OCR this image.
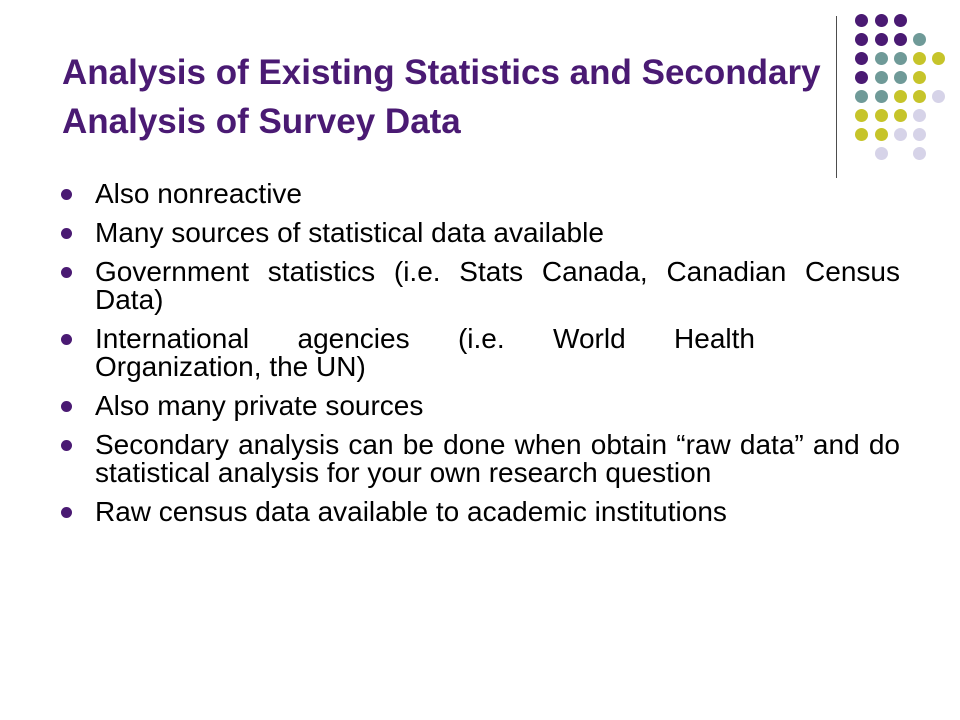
Analysis of Existing Statistics and Secondary Analysis of Survey Data
Also nonreactive
Many sources of statistical data available
Government statistics (i.e. Stats Canada, Canadian Census Data)
International agencies (i.e. World Health Organization, the UN)
Also many private sources
Secondary analysis can be done when obtain “raw data” and do statistical analysis for your own research question
Raw census data available to academic institutions
